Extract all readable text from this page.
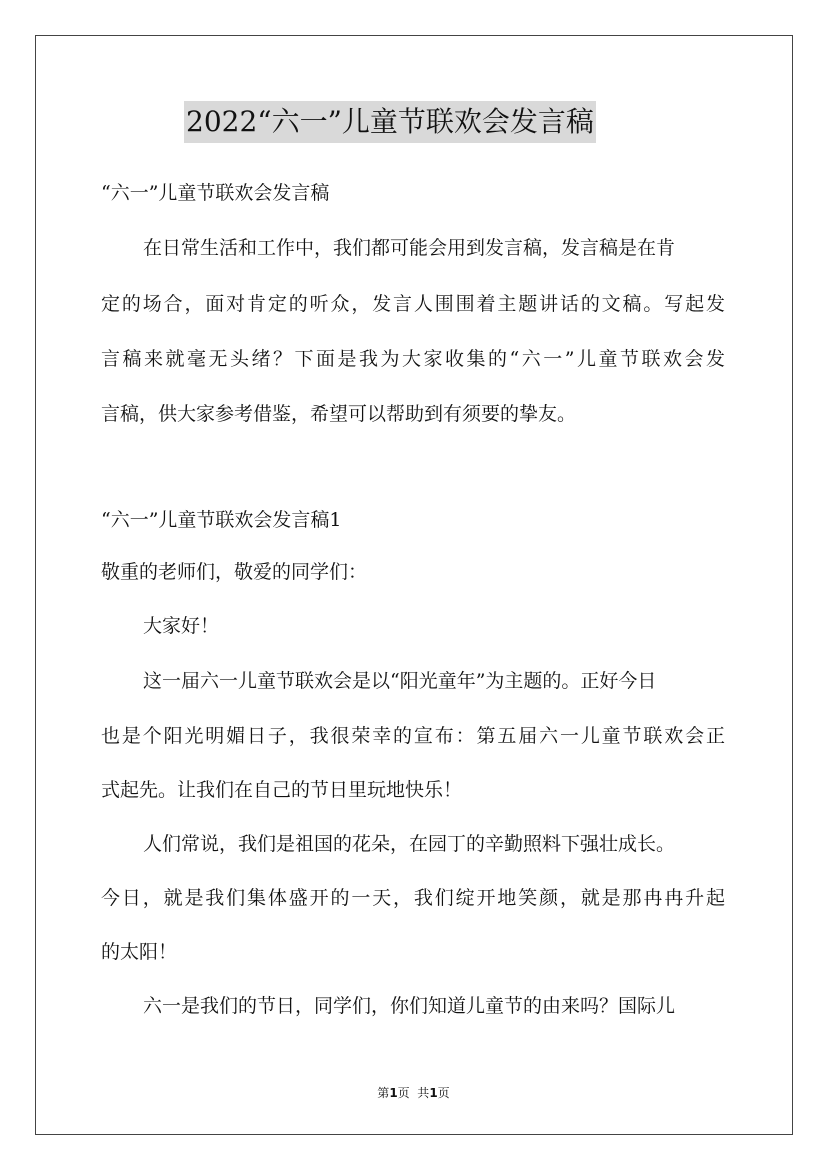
2022“六一”儿童节联欢会发言稿

“六一”儿童节联欢会发言稿

在日常生活和工作中，我们都可能会用到发言稿，发言稿是在肯

定的场合，面对肯定的听众，发言人围围着主题讲话的文稿。写起发

言稿来就毫无头绪？下面是我为大家收集的“六一”儿童节联欢会发

言稿，供大家参考借鉴，希望可以帮助到有须要的挚友。

“六一”儿童节联欢会发言稿1

敬重的老师们，敬爱的同学们：

大家好！

这一届六一儿童节联欢会是以“阳光童年”为主题的。正好今日

也是个阳光明媚日子，我很荣幸的宣布：第五届六一儿童节联欢会正

式起先。让我们在自己的节日里玩地快乐！

人们常说，我们是祖国的花朵，在园丁的辛勤照料下强壮成长。

今日，就是我们集体盛开的一天，我们绽开地笑颜，就是那冉冉升起

的太阳！

六一是我们的节日，同学们，你们知道儿童节的由来吗？国际儿

第1页  共1页
